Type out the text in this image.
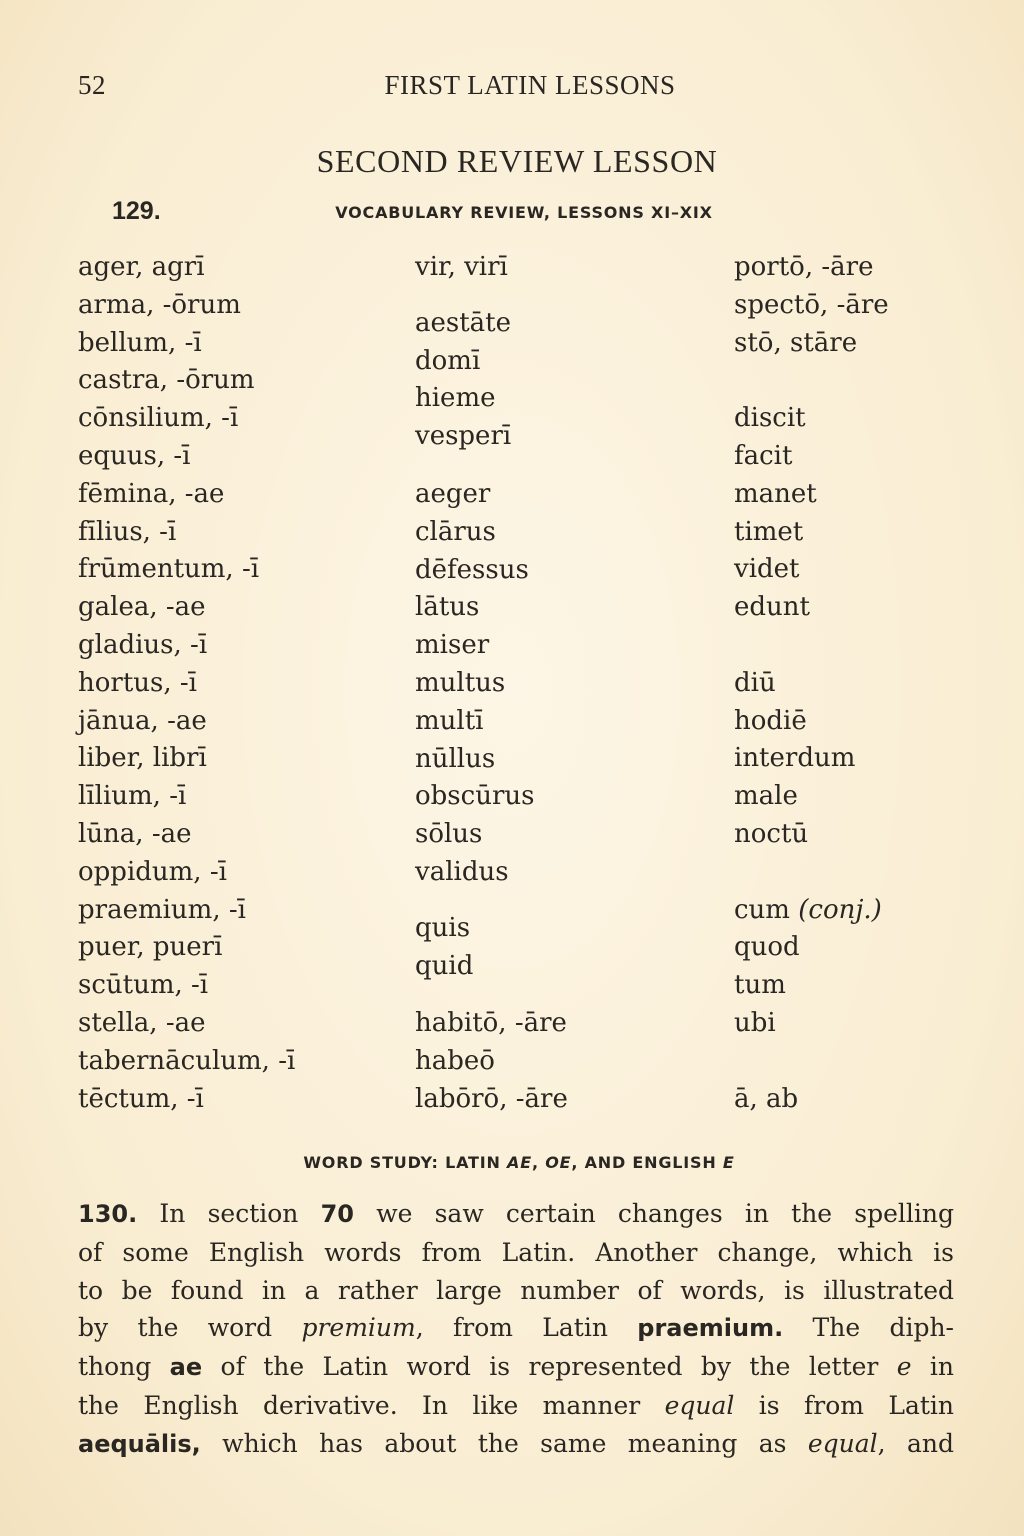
52	FIRST LATIN LESSONS
SECOND REVIEW LESSON
129.	VOCABULARY REVIEW, LESSONS XI–XIX
ager, agrī
arma, -ōrum
bellum, -ī
castra, -ōrum
cōnsilium, -ī
equus, -ī
fēmina, -ae
fīlius, -ī
frūmentum, -ī
galea, -ae
gladius, -ī
hortus, -ī
jānua, -ae
liber, librī
līlium, -ī
lūna, -ae
oppidum, -ī
praemium, -ī
puer, puerī
scūtum, -ī
stella, -ae
tabernāculum, -ī
tēctum, -ī
vir, virī
aestāte
domī
hieme
vesperī
aeger
clārus
dēfessus
lātus
miser
multus
multī
nūllus
obscūrus
sōlus
validus
quis
quid
habitō, -āre
habeō
labōrō, -āre
portō, -āre
spectō, -āre
stō, stāre
discit
facit
manet
timet
videt
edunt
diū
hodiē
interdum
male
noctū
cum (conj.)
quod
tum
ubi
ā, ab
WORD STUDY: LATIN AE, OE, AND ENGLISH E
130. In section 70 we saw certain changes in the spelling
of some English words from Latin. Another change, which is
to be found in a rather large number of words, is illustrated
by the word premium, from Latin praemium. The diph-
thong ae of the Latin word is represented by the letter e in
the English derivative. In like manner equal is from Latin
aequālis, which has about the same meaning as equal, and
